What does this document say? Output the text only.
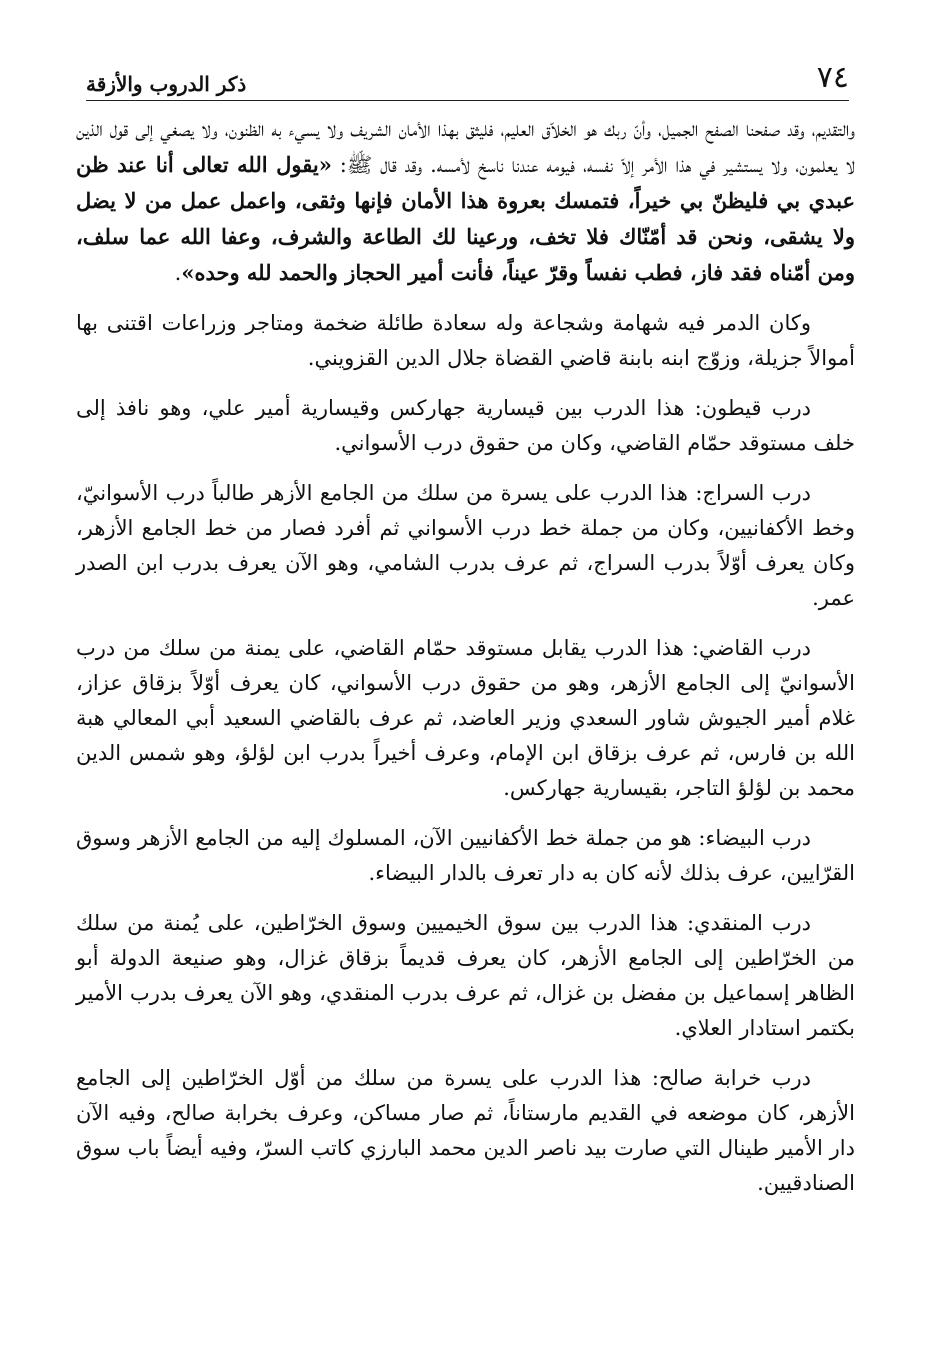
ذكر الدروب والأزقة	٧٤

والتقديم، وقد صفحنا الصفح الجميل، وأنّ ربك هو الخلاّق العليم، فليثق بهذا الأمان الشريف ولا يسيء به الظنون، ولا يصغي إلى قول الذين لا يعلمون، ولا يستشير في هذا الأمر إلاّ نفسه، فيومه عندنا ناسخ لأمسه. وقد قال ﷺ: «يقول الله تعالى أنا عند ظن عبدي بي فليظنّ بي خيراً، فتمسك بعروة هذا الأمان فإنها وثقى، واعمل عمل من لا يضل ولا يشقى، ونحن قد أمّنّاك فلا تخف، ورعينا لك الطاعة والشرف، وعفا الله عما سلف، ومن أمّناه فقد فاز، فطب نفساً وقرّ عيناً، فأنت أمير الحجاز والحمد لله وحده».

وكان الدمر فيه شهامة وشجاعة وله سعادة طائلة ضخمة ومتاجر وزراعات اقتنى بها أموالاً جزيلة، وزوّج ابنه بابنة قاضي القضاة جلال الدين القزويني.

درب قيطون: هذا الدرب بين قيسارية جهاركس وقيسارية أمير علي، وهو نافذ إلى خلف مستوقد حمّام القاضي، وكان من حقوق درب الأسواني.

درب السراج: هذا الدرب على يسرة من سلك من الجامع الأزهر طالباً درب الأسوانيّ، وخط الأكفانيين، وكان من جملة خط درب الأسواني ثم أفرد فصار من خط الجامع الأزهر، وكان يعرف أوّلاً بدرب السراج، ثم عرف بدرب الشامي، وهو الآن يعرف بدرب ابن الصدر عمر.

درب القاضي: هذا الدرب يقابل مستوقد حمّام القاضي، على يمنة من سلك من درب الأسوانيّ إلى الجامع الأزهر، وهو من حقوق درب الأسواني، كان يعرف أوّلاً بزقاق عزاز، غلام أمير الجيوش شاور السعدي وزير العاضد، ثم عرف بالقاضي السعيد أبي المعالي هبة الله بن فارس، ثم عرف بزقاق ابن الإمام، وعرف أخيراً بدرب ابن لؤلؤ، وهو شمس الدين محمد بن لؤلؤ التاجر، بقيسارية جهاركس.

درب البيضاء: هو من جملة خط الأكفانيين الآن، المسلوك إليه من الجامع الأزهر وسوق القرّايين، عرف بذلك لأنه كان به دار تعرف بالدار البيضاء.

درب المنقدي: هذا الدرب بين سوق الخيميين وسوق الخرّاطين، على يُمنة من سلك من الخرّاطين إلى الجامع الأزهر، كان يعرف قديماً بزقاق غزال، وهو صنيعة الدولة أبو الظاهر إسماعيل بن مفضل بن غزال، ثم عرف بدرب المنقدي، وهو الآن يعرف بدرب الأمير بكتمر استادار العلاي.

درب خرابة صالح: هذا الدرب على يسرة من سلك من أوّل الخرّاطين إلى الجامع الأزهر، كان موضعه في القديم مارستاناً، ثم صار مساكن، وعرف بخرابة صالح، وفيه الآن دار الأمير طينال التي صارت بيد ناصر الدين محمد البارزي كاتب السرّ، وفيه أيضاً باب سوق الصنادقيين.
